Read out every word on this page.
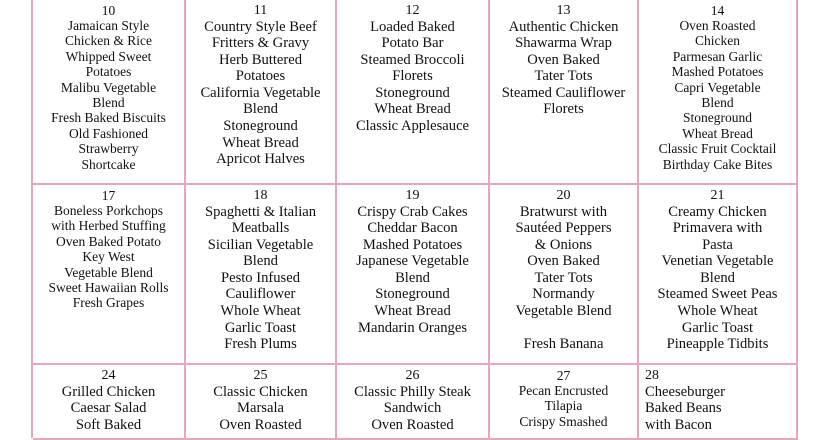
10
Jamaican Style
Chicken & Rice
Whipped Sweet
Potatoes
Malibu Vegetable
Blend
Fresh Baked Biscuits
Old Fashioned
Strawberry
Shortcake
11
Country Style Beef
Fritters & Gravy
Herb Buttered
Potatoes
California Vegetable
Blend
Stoneground
Wheat Bread
Apricot Halves
12
Loaded Baked
Potato Bar
Steamed Broccoli
Florets
Stoneground
Wheat Bread
Classic Applesauce
13
Authentic Chicken
Shawarma Wrap
Oven Baked
Tater Tots
Steamed Cauliflower
Florets
14
Oven Roasted
Chicken
Parmesan Garlic
Mashed Potatoes
Capri Vegetable
Blend
Stoneground
Wheat Bread
Classic Fruit Cocktail
Birthday Cake Bites
17
Boneless Porkchops
with Herbed Stuffing
Oven Baked Potato
Key West
Vegetable Blend
Sweet Hawaiian Rolls
Fresh Grapes
18
Spaghetti & Italian
Meatballs
Sicilian Vegetable
Blend
Pesto Infused
Cauliflower
Whole Wheat
Garlic Toast
Fresh Plums
19
Crispy Crab Cakes
Cheddar Bacon
Mashed Potatoes
Japanese Vegetable
Blend
Stoneground
Wheat Bread
Mandarin Oranges
20
Bratwurst with
Sautéed Peppers
& Onions
Oven Baked
Tater Tots
Normandy
Vegetable Blend
Fresh Banana
21
Creamy Chicken
Primavera with
Pasta
Venetian Vegetable
Blend
Steamed Sweet Peas
Whole Wheat
Garlic Toast
Pineapple Tidbits
24
Grilled Chicken
Caesar Salad
Soft Baked
25
Classic Chicken
Marsala
Oven Roasted
26
Classic Philly Steak
Sandwich
Oven Roasted
27
Pecan Encrusted
Tilapia
Crispy Smashed
28
Cheeseburger
Baked Beans
with Bacon
